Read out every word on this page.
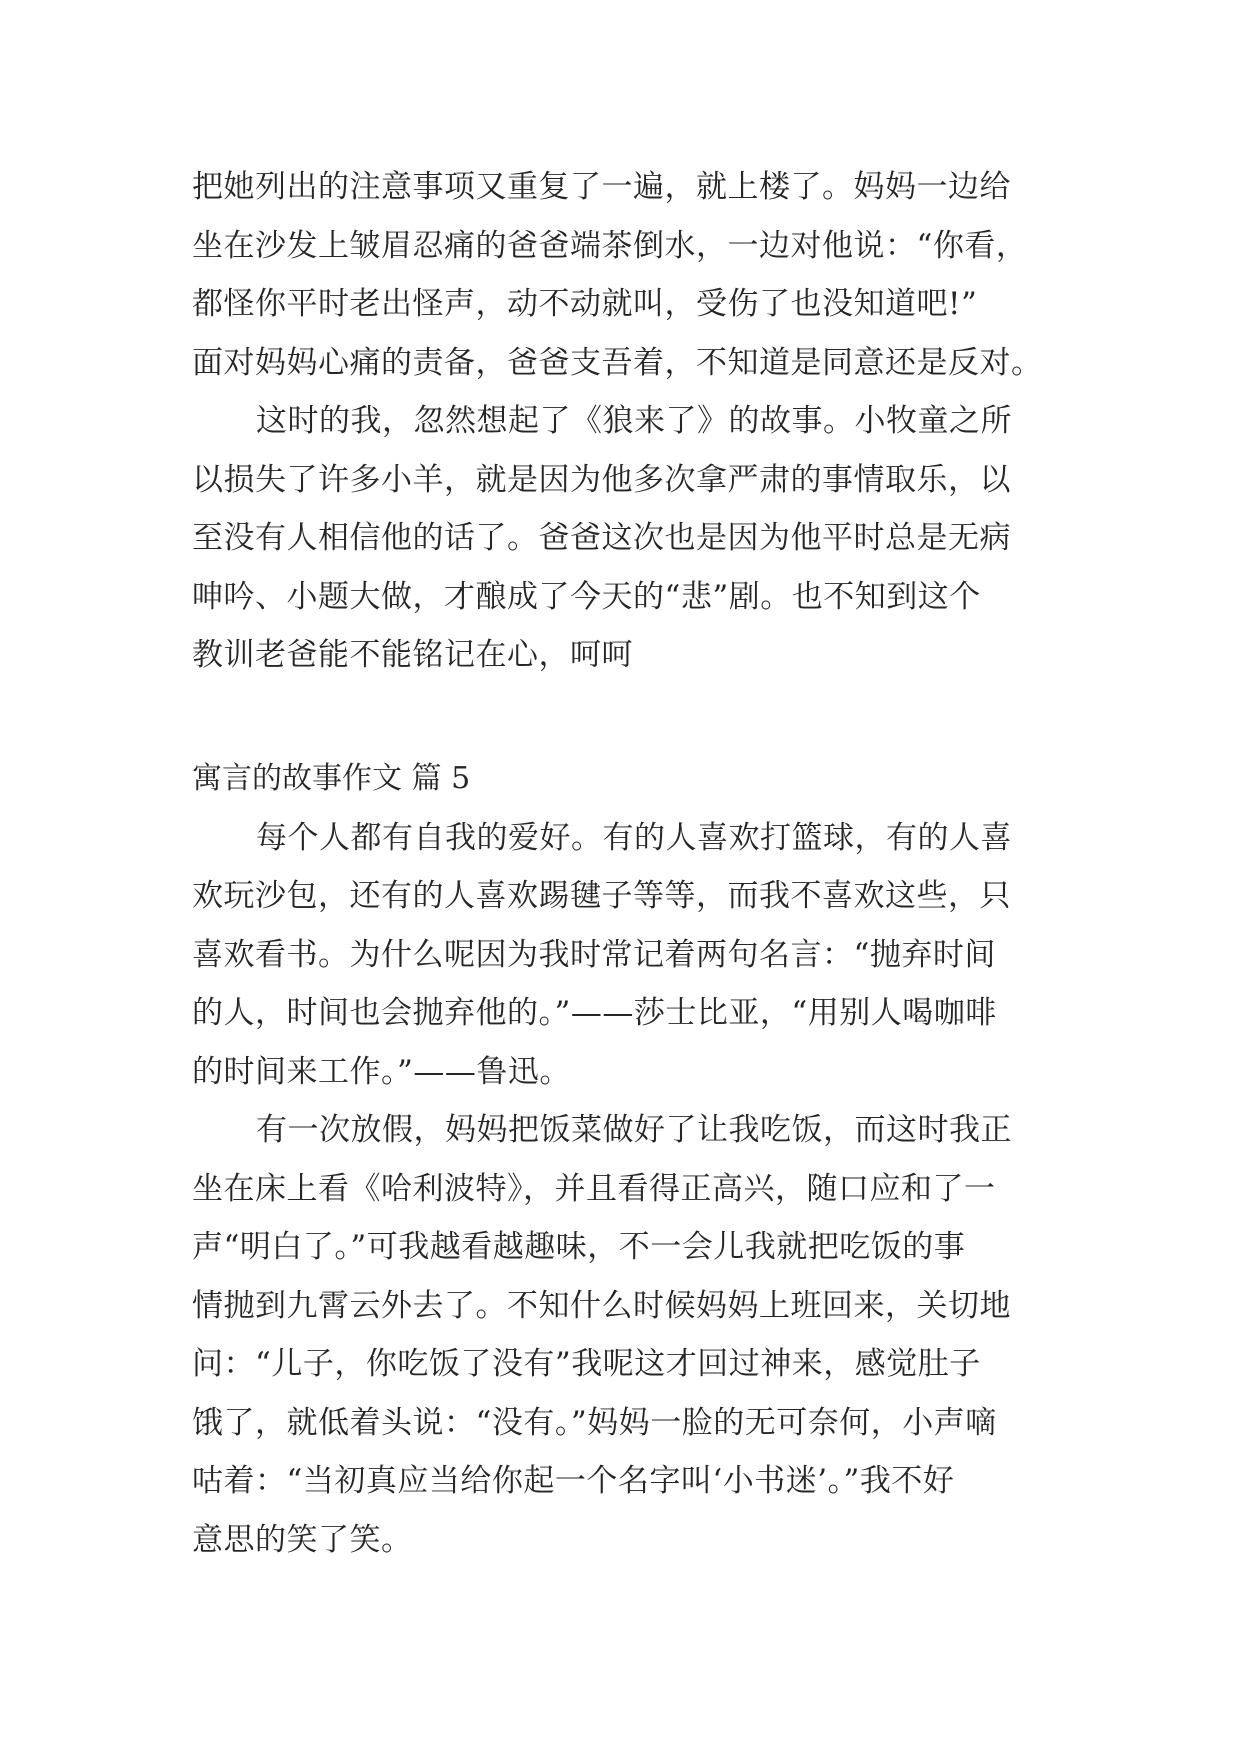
把她列出的注意事项又重复了一遍，就上楼了。妈妈一边给
坐在沙发上皱眉忍痛的爸爸端茶倒水，一边对他说：“你看，
都怪你平时老出怪声，动不动就叫，受伤了也没知道吧!”
面对妈妈心痛的责备，爸爸支吾着，不知道是同意还是反对。
这时的我，忽然想起了《狼来了》的故事。小牧童之所
以损失了许多小羊，就是因为他多次拿严肃的事情取乐，以
至没有人相信他的话了。爸爸这次也是因为他平时总是无病
呻吟、小题大做，才酿成了今天的“悲”剧。也不知到这个
教训老爸能不能铭记在心，呵呵
寓言的故事作文 篇 5
每个人都有自我的爱好。有的人喜欢打篮球，有的人喜
欢玩沙包，还有的人喜欢踢毽子等等，而我不喜欢这些，只
喜欢看书。为什么呢因为我时常记着两句名言：“抛弃时间
的人，时间也会抛弃他的。”——莎士比亚，“用别人喝咖啡
的时间来工作。”——鲁迅。
有一次放假，妈妈把饭菜做好了让我吃饭，而这时我正
坐在床上看《哈利波特》，并且看得正高兴，随口应和了一
声“明白了。”可我越看越趣味，不一会儿我就把吃饭的事
情抛到九霄云外去了。不知什么时候妈妈上班回来，关切地
问：“儿子，你吃饭了没有”我呢这才回过神来，感觉肚子
饿了，就低着头说：“没有。”妈妈一脸的无可奈何，小声嘀
咕着：“当初真应当给你起一个名字叫‘小书迷’。”我不好
意思的笑了笑。
